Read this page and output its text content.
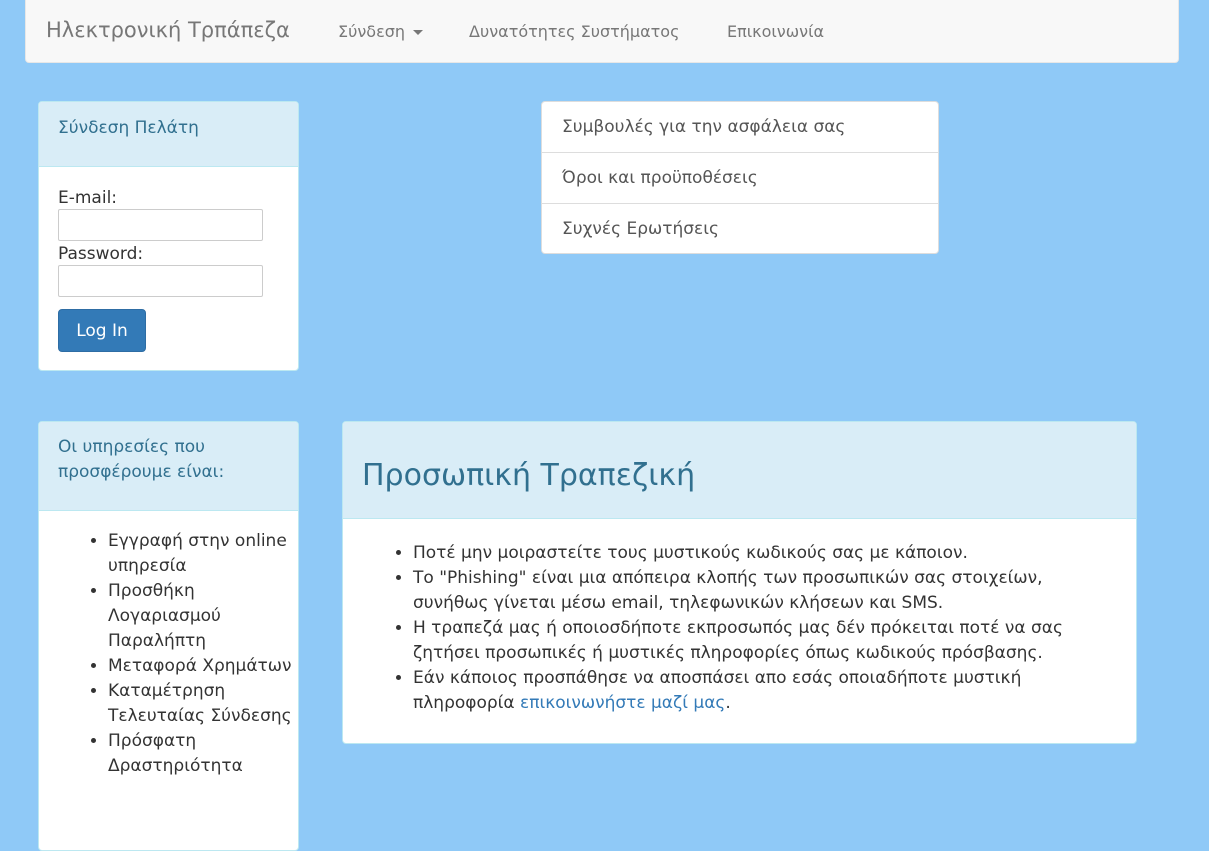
Ηλεκτρονική Τρπάπεζα	Σύνδεση	Δυνατότητες Συστήματος	Επικοινωνία
Σύνδεση Πελάτη
E-mail:
Password:
Log In
Συμβουλές για την ασφάλεια σας
Όροι και προϋποθέσεις
Συχνές Ερωτήσεις
Οι υπηρεσίες που προσφέρουμε είναι:
• Εγγραφή στην online υπηρεσία
• Προσθήκη Λογαριασμού Παραλήπτη
• Μεταφορά Χρημάτων
• Καταμέτρηση Τελευταίας Σύνδεσης
• Πρόσφατη Δραστηριότητα
Προσωπική Τραπεζική
• Ποτέ μην μοιραστείτε τους μυστικούς κωδικούς σας με κάποιον.
• Το "Phishing" είναι μια απόπειρα κλοπής των προσωπικών σας στοιχείων, συνήθως γίνεται μέσω email, τηλεφωνικών κλήσεων και SMS.
• Η τραπεζά μας ή οποιοσδήποτε εκπροσωπός μας δέν πρόκειται ποτέ να σας ζητήσει προσωπικές ή μυστικές πληροφορίες όπως κωδικούς πρόσβασης.
• Εάν κάποιος προσπάθησε να αποσπάσει απο εσάς οποιαδήποτε μυστική πληροφορία επικοινωνήστε μαζί μας.
